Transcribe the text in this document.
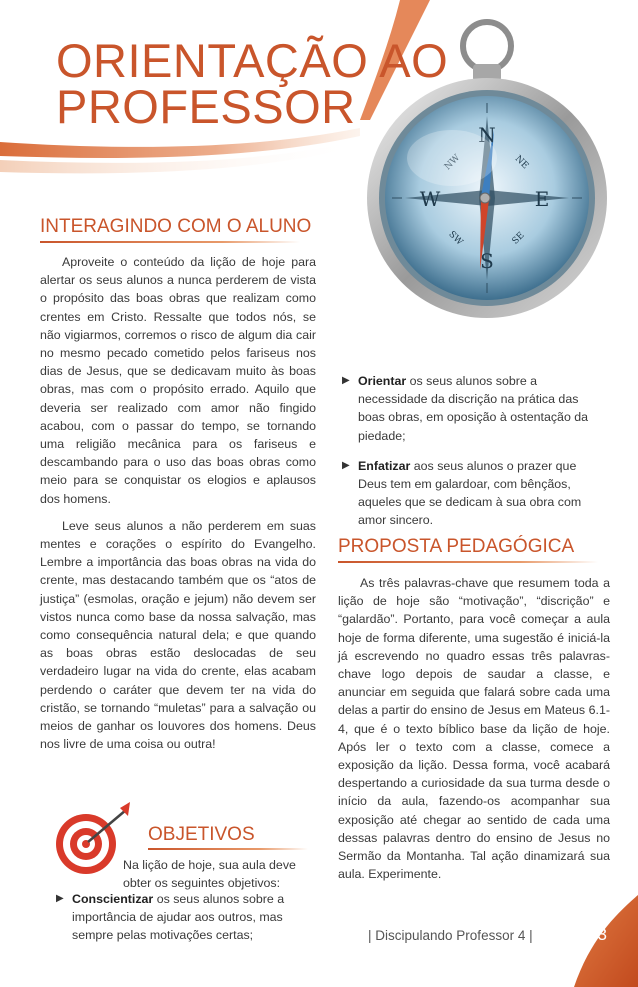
ORIENTAÇÃO AO
PROFESSOR
N
S
E
W
NE
NW
SE
SW
INTERAGINDO COM O ALUNO

Aproveite o conteúdo da lição de hoje para alertar os seus alunos a nunca perderem de vista o propósito das boas obras que realizam como crentes em Cristo. Ressalte que todos nós, se não vigiarmos, corremos o risco de algum dia cair no mesmo pecado cometido pelos fariseus nos dias de Jesus, que se dedicavam muito às boas obras, mas com o propósito errado. Aquilo que deveria ser realizado com amor não fingido acabou, com o passar do tempo, se tornando uma religião mecânica para os fariseus e descambando para o uso das boas obras como meio para se conquistar os elogios e aplausos dos homens.

Leve seus alunos a não perderem em suas mentes e corações o espírito do Evangelho. Lembre a importância das boas obras na vida do crente, mas destacando também que os “atos de justiça” (esmolas, oração e jejum) não devem ser vistos nunca como base da nossa salvação, mas como consequência natural dela; e que quando as boas obras estão deslocadas de seu verdadeiro lugar na vida do crente, elas acabam perdendo o caráter que devem ter na vida do cristão, se tornando “muletas” para a salvação ou meios de ganhar os louvores dos homens. Deus nos livre de uma coisa ou outra!

OBJETIVOS
Na lição de hoje, sua aula deve obter os seguintes objetivos:
▶ Conscientizar os seus alunos sobre a importância de ajudar aos outros, mas sempre pelas motivações certas;
▶ Orientar os seus alunos sobre a necessidade da discrição na prática das boas obras, em oposição à ostentação da piedade;
▶ Enfatizar aos seus alunos o prazer que Deus tem em galardoar, com bênçãos, aqueles que se dedicam à sua obra com amor sincero.
PROPOSTA PEDAGÓGICA

As três palavras-chave que resumem toda a lição de hoje são “motivação”, “discrição” e “galardão”. Portanto, para você começar a aula hoje de forma diferente, uma sugestão é iniciá-la já escrevendo no quadro essas três palavras-chave logo depois de saudar a classe, e anunciar em seguida que falará sobre cada uma delas a partir do ensino de Jesus em Mateus 6.1-4, que é o texto bíblico base da lição de hoje. Após ler o texto com a classe, comece a exposição da lição. Dessa forma, você acabará despertando a curiosidade da sua turma desde o início da aula, fazendo-os acompanhar sua exposição até chegar ao sentido de cada uma dessas palavras dentro do ensino de Jesus no Sermão da Montanha. Tal ação dinamizará sua aula. Experimente.

| Discipulando Professor 4 |	53
